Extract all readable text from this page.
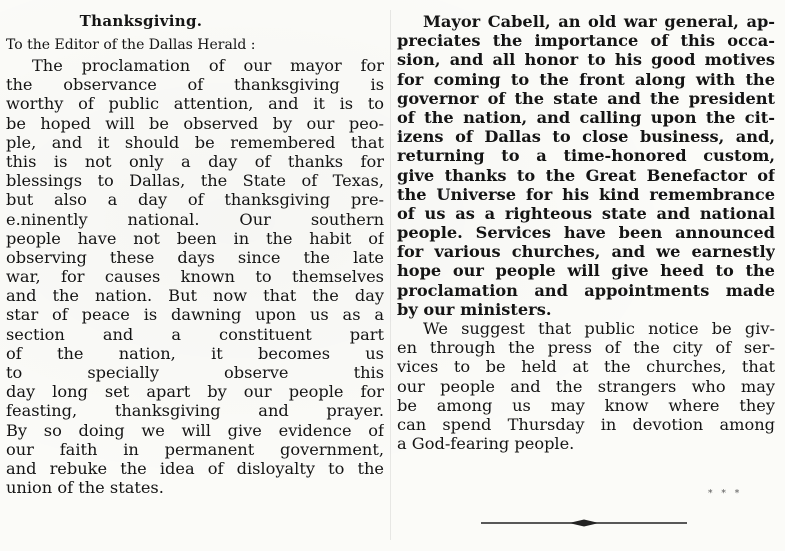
Thanksgiving.
To the Editor of the Dallas Herald :
The proclamation of our mayor for
the observance of thanksgiving is
worthy of public attention, and it is to
be hoped will be observed by our peo-
ple, and it should be remembered that
this is not only a day of thanks for
blessings to Dallas, the State of Texas,
but also a day of thanksgiving pre-
e.ninently national. Our southern
people have not been in the habit of
observing these days since the late
war, for causes known to themselves
and the nation. But now that the day
star of peace is dawning upon us as a
section and a constituent part
of the nation, it becomes us
to specially observe this
day long set apart by our people for
feasting, thanksgiving and prayer.
By so doing we will give evidence of
our faith in permanent government,
and rebuke the idea of disloyalty to the
union of the states.
Mayor Cabell, an old war general, ap-
preciates the importance of this occa-
sion, and all honor to his good motives
for coming to the front along with the
governor of the state and the president
of the nation, and calling upon the cit-
izens of Dallas to close business, and,
returning to a time-honored custom,
give thanks to the Great Benefactor of
the Universe for his kind remembrance
of us as a righteous state and national
people. Services have been announced
for various churches, and we earnestly
hope our people will give heed to the
proclamation and appointments made
by our ministers.
We suggest that public notice be giv-
en through the press of the city of ser-
vices to be held at the churches, that
our people and the strangers who may
be among us may know where they
can spend Thursday in devotion among
a God-fearing people.
* * *
